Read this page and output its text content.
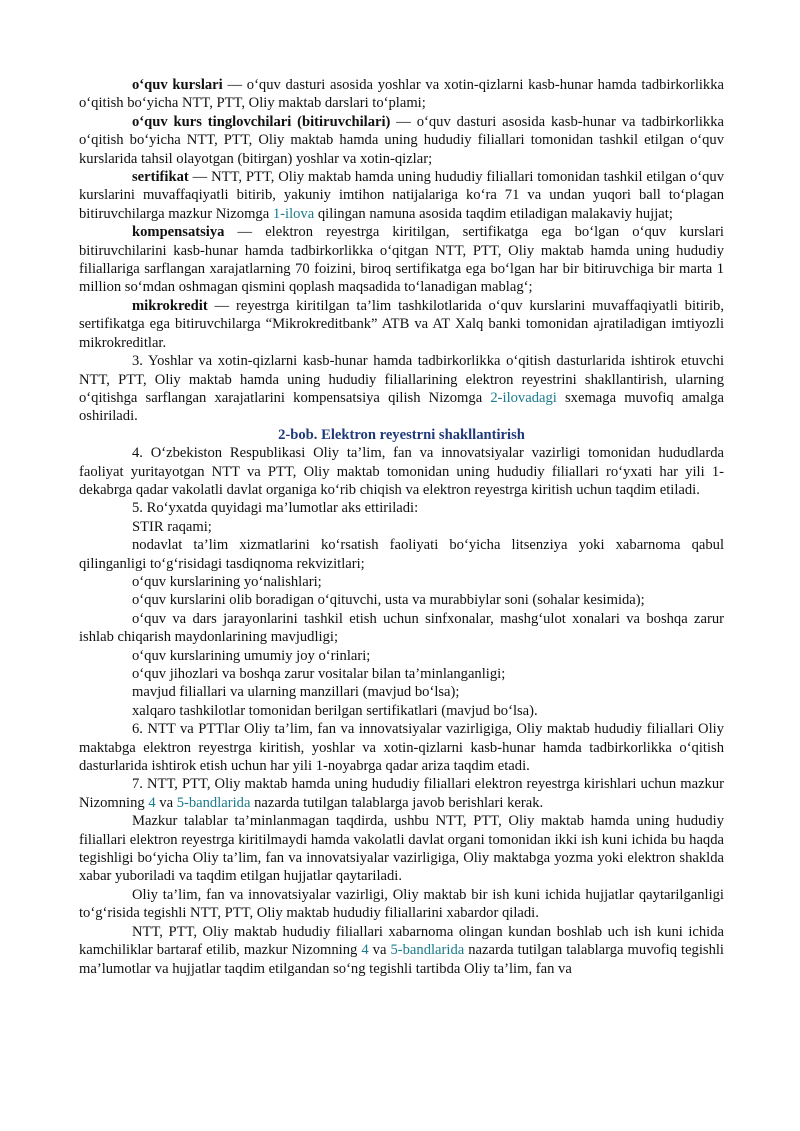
o‘quv kurslari — o‘quv dasturi asosida yoshlar va xotin-qizlarni kasb-hunar hamda tadbirkorlikka o‘qitish bo‘yicha NTT, PTT, Oliy maktab darslari to‘plami;

o‘quv kurs tinglovchilari (bitiruvchilari) — o‘quv dasturi asosida kasb-hunar va tadbirkorlikka o‘qitish bo‘yicha NTT, PTT, Oliy maktab hamda uning hududiy filiallari tomonidan tashkil etilgan o‘quv kurslarida tahsil olayotgan (bitirgan) yoshlar va xotin-qizlar;

sertifikat — NTT, PTT, Oliy maktab hamda uning hududiy filiallari tomonidan tashkil etilgan o‘quv kurslarini muvaffaqiyatli bitirib, yakuniy imtihon natijalariga ko‘ra 71 va undan yuqori ball to‘plagan bitiruvchilarga mazkur Nizomga 1-ilova qilingan namuna asosida taqdim etiladigan malakaviy hujjat;

kompensatsiya — elektron reyestrga kiritilgan, sertifikatga ega bo‘lgan o‘quv kurslari bitiruvchilarini kasb-hunar hamda tadbirkorlikka o‘qitgan NTT, PTT, Oliy maktab hamda uning hududiy filiallariga sarflangan xarajatlarning 70 foizini, biroq sertifikatga ega bo‘lgan har bir bitiruvchiga bir marta 1 million so‘mdan oshmagan qismini qoplash maqsadida to‘lanadigan mablag‘;

mikrokredit — reyestrga kiritilgan ta’lim tashkilotlarida o‘quv kurslarini muvaffaqiyatli bitirib, sertifikatga ega bitiruvchilarga “Mikrokreditbank” ATB va AT Xalq banki tomonidan ajratiladigan imtiyozli mikrokreditlar.

3. Yoshlar va xotin-qizlarni kasb-hunar hamda tadbirkorlikka o‘qitish dasturlarida ishtirok etuvchi NTT, PTT, Oliy maktab hamda uning hududiy filiallarining elektron reyestrini shakllantirish, ularning o‘qitishga sarflangan xarajatlarini kompensatsiya qilish Nizomga 2-ilovadagi sxemaga muvofiq amalga oshiriladi.

2-bob. Elektron reyestrni shakllantirish

4. O‘zbekiston Respublikasi Oliy ta’lim, fan va innovatsiyalar vazirligi tomonidan hududlarda faoliyat yuritayotgan NTT va PTT, Oliy maktab tomonidan uning hududiy filiallari ro‘yxati har yili 1-dekabrga qadar vakolatli davlat organiga ko‘rib chiqish va elektron reyestrga kiritish uchun taqdim etiladi.

5. Ro‘yxatda quyidagi ma’lumotlar aks ettiriladi:

STIR raqami;

nodavlat ta’lim xizmatlarini ko‘rsatish faoliyati bo‘yicha litsenziya yoki xabarnoma qabul qilinganligi to‘g‘risidagi tasdiqnoma rekvizitlari;

o‘quv kurslarining yo‘nalishlari;

o‘quv kurslarini olib boradigan o‘qituvchi, usta va murabbiylar soni (sohalar kesimida);

o‘quv va dars jarayonlarini tashkil etish uchun sinfxonalar, mashg‘ulot xonalari va boshqa zarur ishlab chiqarish maydonlarining mavjudligi;

o‘quv kurslarining umumiy joy o‘rinlari;

o‘quv jihozlari va boshqa zarur vositalar bilan ta’minlanganligi;

mavjud filiallari va ularning manzillari (mavjud bo‘lsa);

xalqaro tashkilotlar tomonidan berilgan sertifikatlari (mavjud bo‘lsa).

6. NTT va PTTlar Oliy ta’lim, fan va innovatsiyalar vazirligiga, Oliy maktab hududiy filiallari Oliy maktabga elektron reyestrga kiritish, yoshlar va xotin-qizlarni kasb-hunar hamda tadbirkorlikka o‘qitish dasturlarida ishtirok etish uchun har yili 1-noyabrga qadar ariza taqdim etadi.

7. NTT, PTT, Oliy maktab hamda uning hududiy filiallari elektron reyestrga kirishlari uchun mazkur Nizomning 4 va 5-bandlarida nazarda tutilgan talablarga javob berishlari kerak.

Mazkur talablar ta’minlanmagan taqdirda, ushbu NTT, PTT, Oliy maktab hamda uning hududiy filiallari elektron reyestrga kiritilmaydi hamda vakolatli davlat organi tomonidan ikki ish kuni ichida bu haqda tegishligi bo‘yicha Oliy ta’lim, fan va innovatsiyalar vazirligiga, Oliy maktabga yozma yoki elektron shaklda xabar yuboriladi va taqdim etilgan hujjatlar qaytariladi.

Oliy ta’lim, fan va innovatsiyalar vazirligi, Oliy maktab bir ish kuni ichida hujjatlar qaytarilganligi to‘g‘risida tegishli NTT, PTT, Oliy maktab hududiy filiallarini xabardor qiladi.

NTT, PTT, Oliy maktab hududiy filiallari xabarnoma olingan kundan boshlab uch ish kuni ichida kamchiliklar bartaraf etilib, mazkur Nizomning 4 va 5-bandlarida nazarda tutilgan talablarga muvofiq tegishli ma’lumotlar va hujjatlar taqdim etilgandan so‘ng tegishli tartibda Oliy ta’lim, fan va
